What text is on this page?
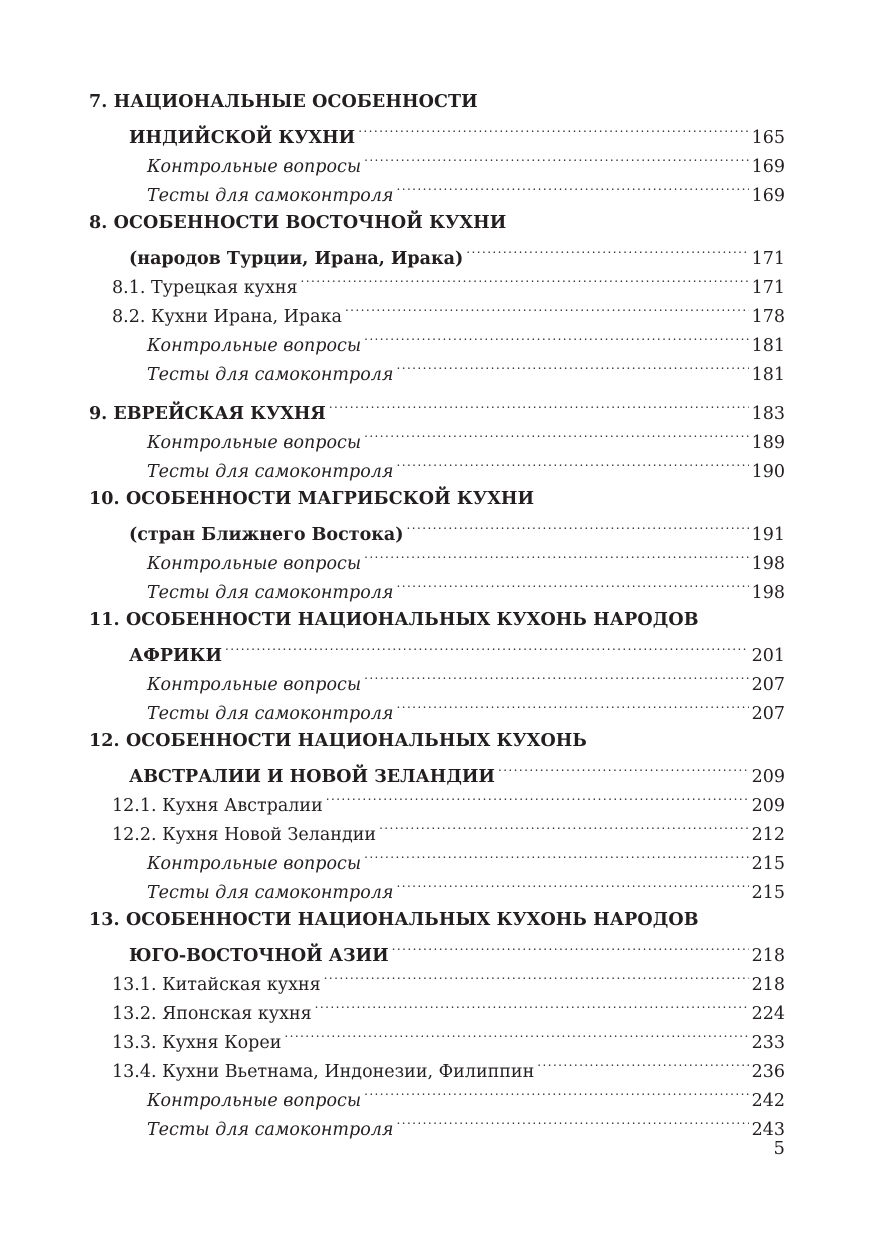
7. НАЦИОНАЛЬНЫЕ ОСОБЕННОСТИ
ИНДИЙСКОЙ КУХНИ . . .	165
Контрольные вопросы . . .	169
Тесты для самоконтроля . . .	169
8. ОСОБЕННОСТИ ВОСТОЧНОЙ КУХНИ
(народов Турции, Ирана, Ирака) . . .	171
8.1. Турецкая кухня . . .	171
8.2. Кухни Ирана, Ирака . . .	178
Контрольные вопросы . . .	181
Тесты для самоконтроля . . .	181
9. ЕВРЕЙСКАЯ КУХНЯ . . .	183
Контрольные вопросы . . .	189
Тесты для самоконтроля . . .	190
10. ОСОБЕННОСТИ МАГРИБСКОЙ КУХНИ
(стран Ближнего Востока) . . .	191
Контрольные вопросы . . .	198
Тесты для самоконтроля . . .	198
11. ОСОБЕННОСТИ НАЦИОНАЛЬНЫХ КУХОНЬ НАРОДОВ
АФРИКИ . . .	201
Контрольные вопросы . . .	207
Тесты для самоконтроля . . .	207
12. ОСОБЕННОСТИ НАЦИОНАЛЬНЫХ КУХОНЬ
АВСТРАЛИИ И НОВОЙ ЗЕЛАНДИИ . . .	209
12.1. Кухня Австралии . . .	209
12.2. Кухня Новой Зеландии . . .	212
Контрольные вопросы . . .	215
Тесты для самоконтроля . . .	215
13. ОСОБЕННОСТИ НАЦИОНАЛЬНЫХ КУХОНЬ НАРОДОВ
ЮГО-ВОСТОЧНОЙ АЗИИ . . .	218
13.1. Китайская кухня . . .	218
13.2. Японская кухня . . .	224
13.3. Кухня Кореи . . .	233
13.4. Кухни Вьетнама, Индонезии, Филиппин . . .	236
Контрольные вопросы . . .	242
Тесты для самоконтроля . . .	243
5
